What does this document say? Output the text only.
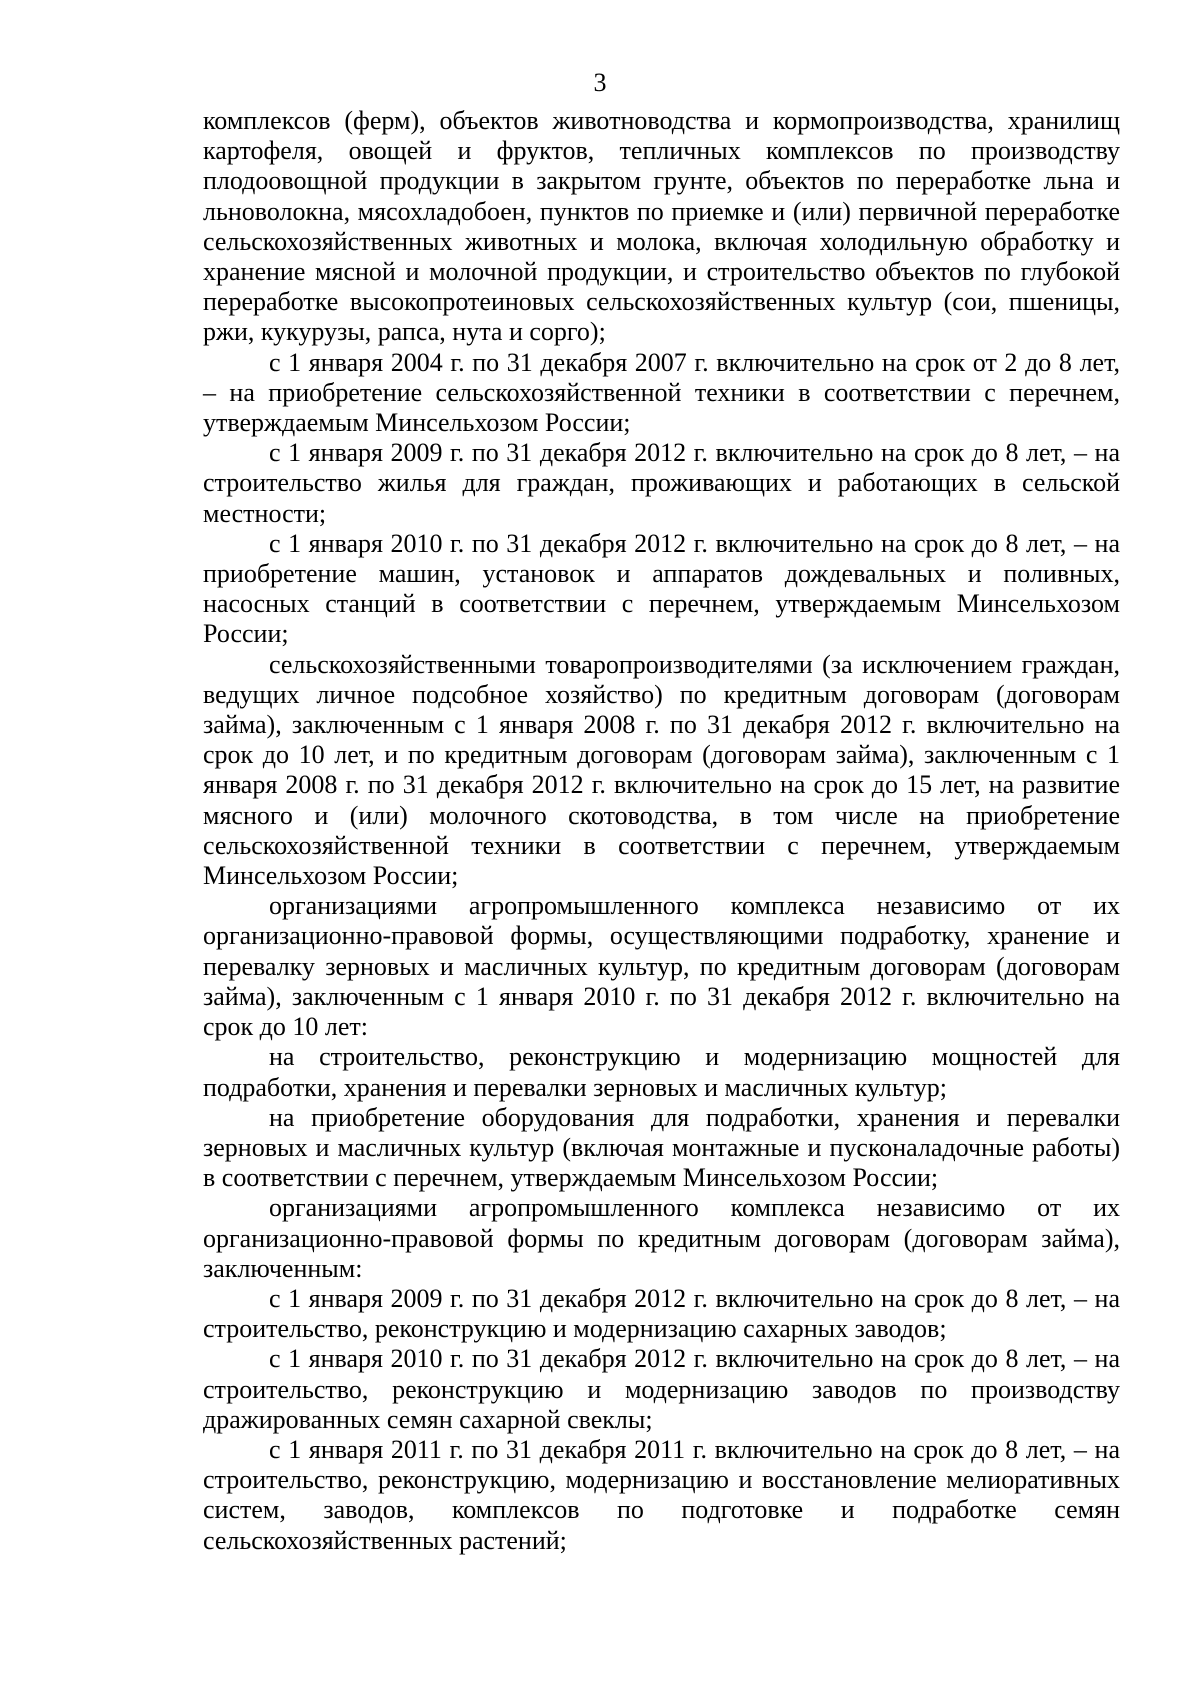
3

комплексов (ферм), объектов животноводства и кормопроизводства, хранилищ картофеля, овощей и фруктов, тепличных комплексов по производству плодоовощной продукции в закрытом грунте, объектов по переработке льна и льноволокна, мясохладобоен, пунктов по приемке и (или) первичной переработке сельскохозяйственных животных и молока, включая холодильную обработку и хранение мясной и молочной продукции, и строительство объектов по глубокой переработке высокопротеиновых сельскохозяйственных культур (сои, пшеницы, ржи, кукурузы, рапса, нута и сорго);

с 1 января 2004 г. по 31 декабря 2007 г. включительно на срок от 2 до 8 лет, – на приобретение сельскохозяйственной техники в соответствии с перечнем, утверждаемым Минсельхозом России;

с 1 января 2009 г. по 31 декабря 2012 г. включительно на срок до 8 лет, – на строительство жилья для граждан, проживающих и работающих в сельской местности;

с 1 января 2010 г. по 31 декабря 2012 г. включительно на срок до 8 лет, – на приобретение машин, установок и аппаратов дождевальных и поливных, насосных станций в соответствии с перечнем, утверждаемым Минсельхозом России;

сельскохозяйственными товаропроизводителями (за исключением граждан, ведущих личное подсобное хозяйство) по кредитным договорам (договорам займа), заключенным с 1 января 2008 г. по 31 декабря 2012 г. включительно на срок до 10 лет, и по кредитным договорам (договорам займа), заключенным с 1 января 2008 г. по 31 декабря 2012 г. включительно на срок до 15 лет, на развитие мясного и (или) молочного скотоводства, в том числе на приобретение сельскохозяйственной техники в соответствии с перечнем, утверждаемым Минсельхозом России;

организациями агропромышленного комплекса независимо от их организационно-правовой формы, осуществляющими подработку, хранение и перевалку зерновых и масличных культур, по кредитным договорам (договорам займа), заключенным с 1 января 2010 г. по 31 декабря 2012 г. включительно на срок до 10 лет:

на строительство, реконструкцию и модернизацию мощностей для подработки, хранения и перевалки зерновых и масличных культур;

на приобретение оборудования для подработки, хранения и перевалки зерновых и масличных культур (включая монтажные и пусконаладочные работы) в соответствии с перечнем, утверждаемым Минсельхозом России;

организациями агропромышленного комплекса независимо от их организационно-правовой формы по кредитным договорам (договорам займа), заключенным:

с 1 января 2009 г. по 31 декабря 2012 г. включительно на срок до 8 лет, – на строительство, реконструкцию и модернизацию сахарных заводов;

с 1 января 2010 г. по 31 декабря 2012 г. включительно на срок до 8 лет, – на строительство, реконструкцию и модернизацию заводов по производству дражированных семян сахарной свеклы;

с 1 января 2011 г. по 31 декабря 2011 г. включительно на срок до 8 лет, – на строительство, реконструкцию, модернизацию и восстановление мелиоративных систем, заводов, комплексов по подготовке и подработке семян сельскохозяйственных растений;
